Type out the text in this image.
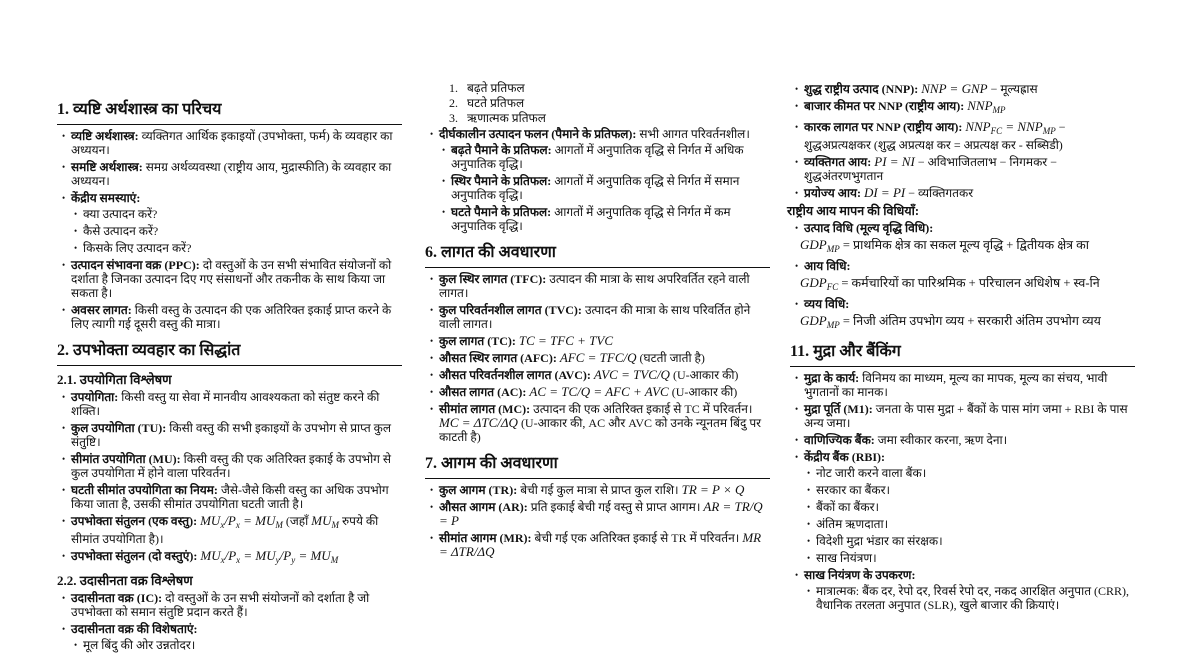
1. व्यष्टि अर्थशास्त्र का परिचय
• व्यष्टि अर्थशास्त्र: व्यक्तिगत आर्थिक इकाइयों (उपभोक्ता, फर्म) के व्यवहार का अध्ययन।
• समष्टि अर्थशास्त्र: समग्र अर्थव्यवस्था (राष्ट्रीय आय, मुद्रास्फीति) के व्यवहार का अध्ययन।
• केंद्रीय समस्याएं:
• क्या उत्पादन करें?
• कैसे उत्पादन करें?
• किसके लिए उत्पादन करें?
• उत्पादन संभावना वक्र (PPC): दो वस्तुओं के उन सभी संभावित संयोजनों को दर्शाता है जिनका उत्पादन दिए गए संसाधनों और तकनीक के साथ किया जा सकता है।
• अवसर लागत: किसी वस्तु के उत्पादन की एक अतिरिक्त इकाई प्राप्त करने के लिए त्यागी गई दूसरी वस्तु की मात्रा।
2. उपभोक्ता व्यवहार का सिद्धांत
2.1. उपयोगिता विश्लेषण
• उपयोगिता: किसी वस्तु या सेवा में मानवीय आवश्यकता को संतुष्ट करने की शक्ति।
• कुल उपयोगिता (TU): किसी वस्तु की सभी इकाइयों के उपभोग से प्राप्त कुल संतुष्टि।
• सीमांत उपयोगिता (MU): किसी वस्तु की एक अतिरिक्त इकाई के उपभोग से कुल उपयोगिता में होने वाला परिवर्तन।
• घटती सीमांत उपयोगिता का नियम: जैसे-जैसे किसी वस्तु का अधिक उपभोग किया जाता है, उसकी सीमांत उपयोगिता घटती जाती है।
• उपभोक्ता संतुलन (एक वस्तु): $MU_x/P_x = MU_M$ (जहाँ $MU_M$ रुपये की सीमांत उपयोगिता है)।
• उपभोक्ता संतुलन (दो वस्तुएं): $MU_x/P_x = MU_y/P_y = MU_M$
2.2. उदासीनता वक्र विश्लेषण
• उदासीनता वक्र (IC): दो वस्तुओं के उन सभी संयोजनों को दर्शाता है जो उपभोक्ता को समान संतुष्टि प्रदान करते हैं।
• उदासीनता वक्र की विशेषताएं:
• मूल बिंदु की ओर उन्नतोदर।
1. बढ़ते प्रतिफल
2. घटते प्रतिफल
3. ऋणात्मक प्रतिफल
• दीर्घकालीन उत्पादन फलन (पैमाने के प्रतिफल): सभी आगत परिवर्तनशील।
• बढ़ते पैमाने के प्रतिफल: आगतों में अनुपातिक वृद्धि से निर्गत में अधिक अनुपातिक वृद्धि।
• स्थिर पैमाने के प्रतिफल: आगतों में अनुपातिक वृद्धि से निर्गत में समान अनुपातिक वृद्धि।
• घटते पैमाने के प्रतिफल: आगतों में अनुपातिक वृद्धि से निर्गत में कम अनुपातिक वृद्धि।
6. लागत की अवधारणा
• कुल स्थिर लागत (TFC): उत्पादन की मात्रा के साथ अपरिवर्तित रहने वाली लागत।
• कुल परिवर्तनशील लागत (TVC): उत्पादन की मात्रा के साथ परिवर्तित होने वाली लागत।
• कुल लागत (TC): TC = TFC + TVC
• औसत स्थिर लागत (AFC): AFC = TFC/Q (घटती जाती है)
• औसत परिवर्तनशील लागत (AVC): AVC = TVC/Q (U-आकार की)
• औसत लागत (AC): AC = TC/Q = AFC + AVC (U-आकार की)
• सीमांत लागत (MC): उत्पादन की एक अतिरिक्त इकाई से TC में परिवर्तन। MC = ΔTC/ΔQ (U-आकार की, AC और AVC को उनके न्यूनतम बिंदु पर काटती है)
7. आगम की अवधारणा
• कुल आगम (TR): बेची गई कुल मात्रा से प्राप्त कुल राशि। TR = P × Q
• औसत आगम (AR): प्रति इकाई बेची गई वस्तु से प्राप्त आगम। AR = TR/Q = P
• सीमांत आगम (MR): बेची गई एक अतिरिक्त इकाई से TR में परिवर्तन। MR = ΔTR/ΔQ
• शुद्ध राष्ट्रीय उत्पाद (NNP): NNP = GNP − मूल्यह्रास
• बाजार कीमत पर NNP (राष्ट्रीय आय): $NNP_{MP}$
• कारक लागत पर NNP (राष्ट्रीय आय): $NNP_{FC} = NNP_{MP}$ − शुद्धअप्रत्यक्षकर (शुद्ध अप्रत्यक्ष कर = अप्रत्यक्ष कर - सब्सिडी)
• व्यक्तिगत आय: PI = NI − अविभाजितलाभ − निगमकर − शुद्धअंतरणभुगतान
• प्रयोज्य आय: DI = PI − व्यक्तिगतकर
राष्ट्रीय आय मापन की विधियाँ:
• उत्पाद विधि (मूल्य वृद्धि विधि):
$GDP_{MP}$ = प्राथमिक क्षेत्र का सकल मूल्य वृद्धि + द्वितीयक क्षेत्र का
• आय विधि:
$GDP_{FC}$ = कर्मचारियों का पारिश्रमिक + परिचालन अधिशेष + स्व-नि
• व्यय विधि:
$GDP_{MP}$ = निजी अंतिम उपभोग व्यय + सरकारी अंतिम उपभोग व्यय
11. मुद्रा और बैंकिंग
• मुद्रा के कार्य: विनिमय का माध्यम, मूल्य का मापक, मूल्य का संचय, भावी भुगतानों का मानक।
• मुद्रा पूर्ति (M1): जनता के पास मुद्रा + बैंकों के पास मांग जमा + RBI के पास अन्य जमा।
• वाणिज्यिक बैंक: जमा स्वीकार करना, ऋण देना।
• केंद्रीय बैंक (RBI):
• नोट जारी करने वाला बैंक।
• सरकार का बैंकर।
• बैंकों का बैंकर।
• अंतिम ऋणदाता।
• विदेशी मुद्रा भंडार का संरक्षक।
• साख नियंत्रण।
• साख नियंत्रण के उपकरण:
• मात्रात्मक: बैंक दर, रेपो दर, रिवर्स रेपो दर, नकद आरक्षित अनुपात (CRR), वैधानिक तरलता अनुपात (SLR), खुले बाजार की क्रियाएं।
